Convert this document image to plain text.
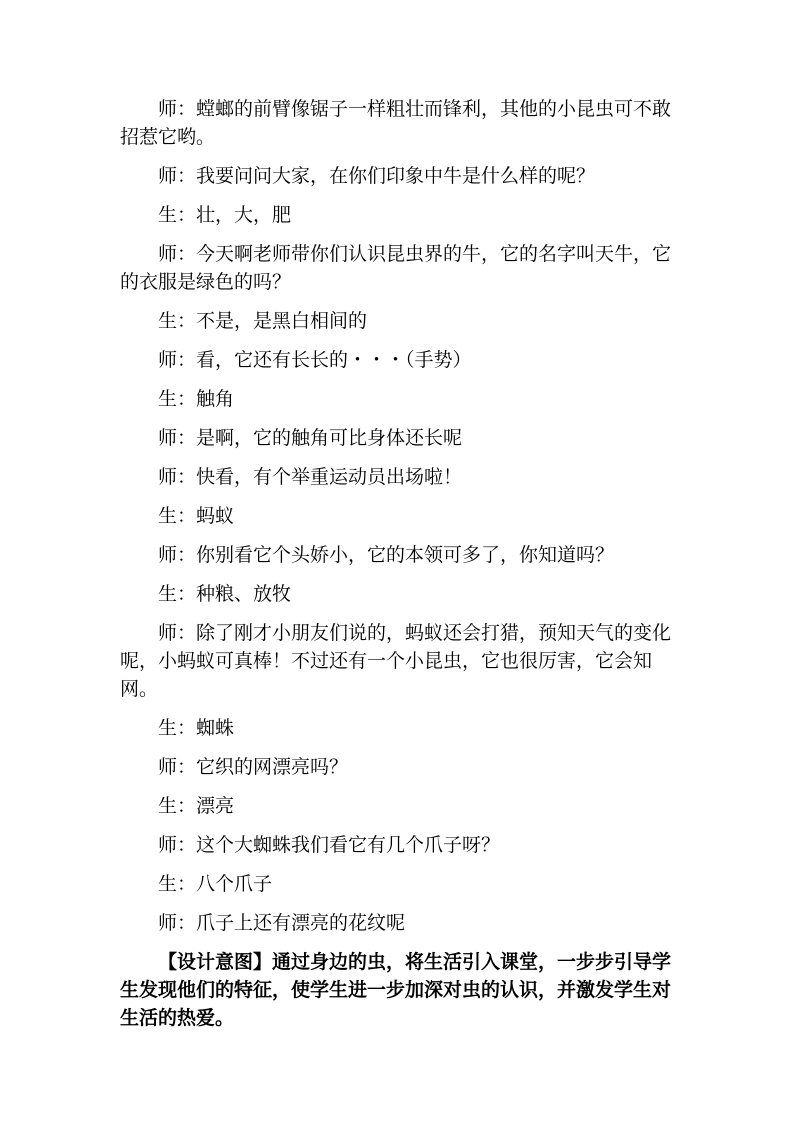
师：螳螂的前臂像锯子一样粗壮而锋利，其他的小昆虫可不敢招惹它哟。

师：我要问问大家，在你们印象中牛是什么样的呢？

生：壮，大，肥

师：今天啊老师带你们认识昆虫界的牛，它的名字叫天牛，它的衣服是绿色的吗？

生：不是，是黑白相间的

师：看，它还有长长的・・・（手势）

生：触角

师：是啊，它的触角可比身体还长呢

师：快看，有个举重运动员出场啦！

生：蚂蚁

师：你别看它个头娇小，它的本领可多了，你知道吗？

生：种粮、放牧

师：除了刚才小朋友们说的，蚂蚁还会打猎，预知天气的变化呢，小蚂蚁可真棒！不过还有一个小昆虫，它也很厉害，它会知网。

生：蜘蛛

师：它织的网漂亮吗？

生：漂亮

师：这个大蜘蛛我们看它有几个爪子呀？

生：八个爪子

师：爪子上还有漂亮的花纹呢

【设计意图】通过身边的虫，将生活引入课堂，一步步引导学生发现他们的特征，使学生进一步加深对虫的认识，并激发学生对生活的热爱。
